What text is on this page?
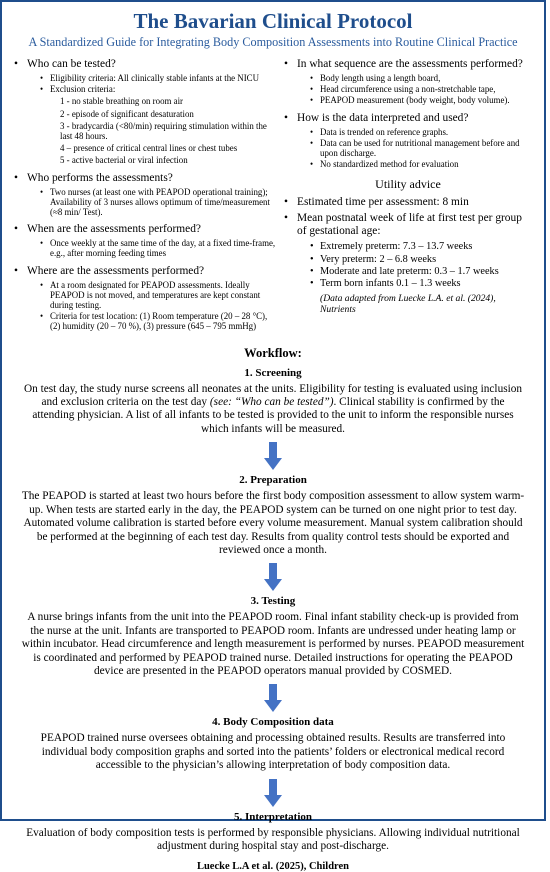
The Bavarian Clinical Protocol
A Standardized Guide for Integrating Body Composition Assessments into Routine Clinical Practice
• Who can be tested?
• Eligibility criteria: All clinically stable infants at the NICU
• Exclusion criteria:
1 - no stable breathing on room air
2 - episode of significant desaturation
3 - bradycardia (<80/min) requiring stimulation within the last 48 hours.
4 – presence of critical central lines or chest tubes
5 - active bacterial or viral infection
• Who performs the assessments?
• Two nurses (at least one with PEAPOD operational training); Availability of 3 nurses allows optimum of time/measurement (≈8 min/ Test).
• When are the assessments performed?
• Once weekly at the same time of the day, at a fixed time-frame, e.g., after morning feeding times
• Where are the assessments performed?
• At a room designated for PEAPOD assessments. Ideally PEAPOD is not moved, and temperatures are kept constant during testing.
• Criteria for test location: (1) Room temperature (20 – 28 °C), (2) humidity (20 – 70 %), (3) pressure (645 – 795 mmHg)
• In what sequence are the assessments performed?
• Body length using a length board,
• Head circumference using a non-stretchable tape,
• PEAPOD measurement (body weight, body volume).
• How is the data interpreted and used?
• Data is trended on reference graphs.
• Data can be used for nutritional management before and upon discharge.
• No standardized method for evaluation
Utility advice
• Estimated time per assessment: 8 min
• Mean postnatal week of life at first test per group of gestational age:
• Extremely preterm: 7.3 – 13.7 weeks
• Very preterm: 2 – 6.8 weeks
• Moderate and late preterm: 0.3 – 1.7 weeks
• Term born infants 0.1 – 1.3 weeks
(Data adapted from Luecke L.A. et al. (2024), Nutrients
Workflow:
1. Screening
On test day, the study nurse screens all neonates at the units. Eligibility for testing is evaluated using inclusion and exclusion criteria on the test day (see: “Who can be tested”). Clinical stability is confirmed by the attending physician. A list of all infants to be tested is provided to the unit to inform the responsible nurses which infants will be measured.
2. Preparation
The PEAPOD is started at least two hours before the first body composition assessment to allow system warm-up. When tests are started early in the day, the PEAPOD system can be turned on one night prior to test day. Automated volume calibration is started before every volume measurement. Manual system calibration should be performed at the beginning of each test day. Results from quality control tests should be exported and reviewed once a month.
3. Testing
A nurse brings infants from the unit into the PEAPOD room. Final infant stability check-up is provided from the nurse at the unit. Infants are transported to PEAPOD room. Infants are undressed under heating lamp or within incubator. Head circumference and length measurement is performed by nurses. PEAPOD measurement is coordinated and performed by PEAPOD trained nurse. Detailed instructions for operating the PEAPOD device are presented in the PEAPOD operators manual provided by COSMED.
4. Body Composition data
PEAPOD trained nurse oversees obtaining and processing obtained results. Results are transferred into individual body composition graphs and sorted into the patients’ folders or electronical medical record accessible to the physician’s allowing interpretation of body composition data.
5. Interpretation
Evaluation of body composition tests is performed by responsible physicians. Allowing individual nutritional adjustment during hospital stay and post-discharge.
Luecke L.A et al. (2025), Children
